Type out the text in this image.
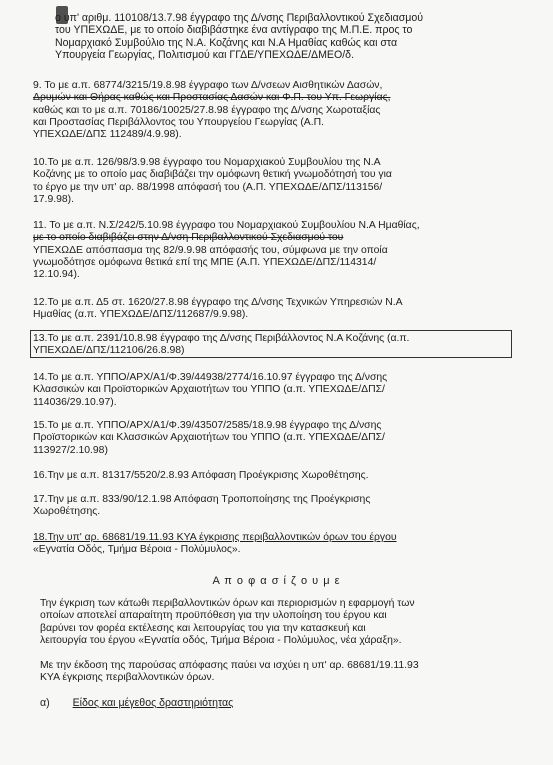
ο υπ' αριθμ. 110108/13.7.98 έγγραφο της Δ/νσης Περιβαλλοντικού Σχεδιασμού
του ΥΠΕΧΩΔΕ, με το οποίο διαβιβάστηκε ένα αντίγραφο της Μ.Π.Ε. προς το
Νομαρχιακό Συμβούλιο της Ν.Α. Κοζάνης και Ν.Α Ημαθίας καθώς και στα
Υπουργεία Γεωργίας, Πολιτισμού και ΓΓΔΕ/ΥΠΕΧΩΔΕ/ΔΜΕΟ/δ.
9. Το με α.π. 68774/3215/19.8.98 έγγραφο των Δ/νσεων Αισθητικών Δασών,
Δρυμών και Θήρας καθώς και Προστασίας Δασών και Φ.Π. του Υπ. Γεωργίας,
καθώς και το με α.π. 70186/10025/27.8.98 έγγραφο της Δ/νσης Χωροταξίας
και Προστασίας Περιβάλλοντος του Υπουργείου Γεωργίας (Α.Π.
ΥΠΕΧΩΔΕ/ΔΠΣ 112489/4.9.98).
10.Το με α.π. 126/98/3.9.98 έγγραφο του Νομαρχιακού Συμβουλίου της Ν.Α
Κοζάνης με το οποίο μας διαβιβάζει την ομόφωνη θετική γνωμοδότησή του για
το έργο με την υπ' αρ. 88/1998 απόφασή του (Α.Π. ΥΠΕΧΩΔΕ/ΔΠΣ/113156/
17.9.98).
11. Το με α.π. Ν.Σ/242/5.10.98 έγγραφο του Νομαρχιακού Συμβουλίου Ν.Α Ημαθίας,
με το οποίο διαβιβάζει στην Δ/νση Περιβαλλοντικού Σχεδιασμού του
ΥΠΕΧΩΔΕ απόσπασμα της 82/9.9.98 απόφασής του, σύμφωνα με την οποία
γνωμοδότησε ομόφωνα θετικά επί της ΜΠΕ (Α.Π. ΥΠΕΧΩΔΕ/ΔΠΣ/114314/
12.10.94).
12.Το με α.π. Δ5 στ. 1620/27.8.98 έγγραφο της Δ/νσης Τεχνικών Υπηρεσιών Ν.Α
Ημαθίας (α.π. ΥΠΕΧΩΔΕ/ΔΠΣ/112687/9.9.98).
13.Το με α.π. 2391/10.8.98 έγγραφο της Δ/νσης Περιβάλλοντος Ν.Α Κοζάνης (α.π.
ΥΠΕΧΩΔΕ/ΔΠΣ/112106/26.8.98)
14.Το με α.π. ΥΠΠΟ/ΑΡΧ/Α1/Φ.39/44938/2774/16.10.97 έγγραφο της Δ/νσης
Κλασσικών και Προϊστορικών Αρχαιοτήτων του ΥΠΠΟ (α.π. ΥΠΕΧΩΔΕ/ΔΠΣ/
114036/29.10.97).
15.Το με α.π. ΥΠΠΟ/ΑΡΧ/Α1/Φ.39/43507/2585/18.9.98 έγγραφο της Δ/νσης
Προϊστορικών και Κλασσικών Αρχαιοτήτων του ΥΠΠΟ (α.π. ΥΠΕΧΩΔΕ/ΔΠΣ/
113927/2.10.98)
16.Την με α.π. 81317/5520/2.8.93 Απόφαση Προέγκρισης Χωροθέτησης.
17.Την με α.π. 833/90/12.1.98 Απόφαση Τροποποίησης της Προέγκρισης
Χωροθέτησης.
18.Την υπ' αρ. 68681/19.11.93 ΚΥΑ έγκρισης περιβαλλοντικών όρων του έργου
«Εγνατία Οδός, Τμήμα Βέροια - Πολύμυλος».
Α π ο φ α σ ί ζ ο υ μ ε
Την έγκριση των κάτωθι περιβαλλοντικών όρων και περιορισμών η εφαρμογή των
οποίων αποτελεί απαραίτητη προϋπόθεση για την υλοποίηση του έργου και
βαρύνει τον φορέα εκτέλεσης και λειτουργίας του για την κατασκευή και
λειτουργία του έργου «Εγνατία οδός, Τμήμα Βέροια - Πολύμυλος, νέα χάραξη».
Με την έκδοση της παρούσας απόφασης παύει να ισχύει η υπ' αρ. 68681/19.11.93
ΚΥΑ έγκρισης περιβαλλοντικών όρων.
α) Είδος και μέγεθος δραστηριότητας
